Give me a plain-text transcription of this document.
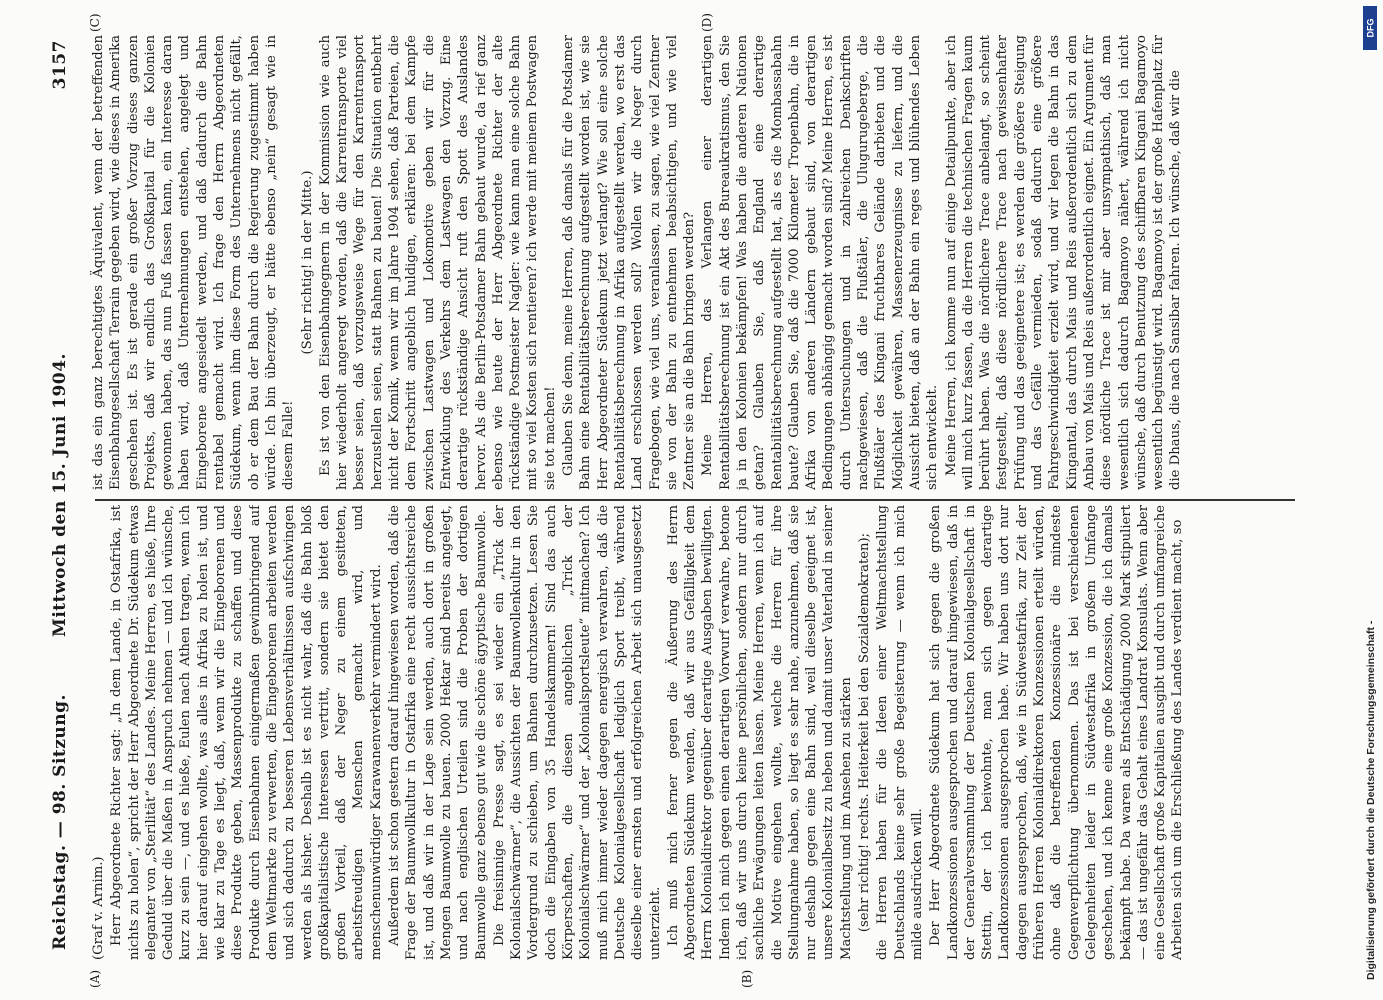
Reichstag. — 98. Sitzung.
Mittwoch den 15. Juni 1904.
3157
(A)	(B)
(C)	(D)

(Graf v. Arnim.) Herr Abgeordnete Richter sagt: „In dem Lande, in Ostafrika, ist nichts zu holen“, spricht der Herr Abgeordnete Dr. Südekum etwas eleganter von „Sterilität“ des Landes. Meine Herren, es hieße, Ihre Geduld über die Maßen in Anspruch nehmen — und ich wünsche, kurz zu sein —, und es hieße, Eulen nach Athen tragen, wenn ich hier darauf eingehen wollte, was alles in Afrika zu holen ist, und wie klar zu Tage es liegt, daß, wenn wir die Eingeborenen und diese Produkte geben, Massenprodukte zu schaffen und diese Produkte durch Eisenbahnen einigermaßen gewinnbringend auf dem Weltmarkte zu verwerten, die Eingeborenen arbeiten werden und sich dadurch zu besseren Lebensverhältnissen aufschwingen werden als bisher. Deshalb ist es nicht wahr, daß die Bahn bloß großkapitalistische Interessen vertritt, sondern sie bietet den großen Vorteil, daß der Neger zu einem gesitteten, arbeitsfreudigen Menschen gemacht wird, und menschenunwürdiger Karawanenverkehr vermindert wird. Außerdem ist schon gestern darauf hingewiesen worden, daß die Frage der Baumwollkultur in Ostafrika eine recht aussichtsreiche ist, und daß wir in der Lage sein werden, auch dort in großen Mengen Baumwolle zu bauen. 2000 Hektar sind bereits angelegt, und nach englischen Urteilen sind die Proben der dortigen Baumwolle ganz ebenso gut wie die schöne ägyptische Baumwolle. Die freisinnige Presse sagt, es sei wieder ein „Trick der Kolonialschwärmer“, die Aussichten der Baumwollenkultur in den Vordergrund zu schieben, um Bahnen durchzusetzen. Lesen Sie doch die Eingaben von 35 Handelskammern! Sind das auch Körperschaften, die diesen angeblichen „Trick der Kolonialschwärmer“ und der „Kolonialsportsleute“ mitmachen? Ich muß mich immer wieder dagegen energisch verwahren, daß die Deutsche Kolonialgesellschaft lediglich Sport treibt, während dieselbe einer ernsten und erfolgreichen Arbeit sich unausgesetzt unterzieht. Ich muß mich ferner gegen die Äußerung des Herrn Abgeordneten Südekum wenden, daß wir aus Gefälligkeit dem Herrn Kolonialdirektor gegenüber derartige Ausgaben bewilligten. Indem ich mich gegen einen derartigen Vorwurf verwahre, betone ich, daß wir uns durch keine persönlichen, sondern nur durch sachliche Erwägungen leiten lassen. Meine Herren, wenn ich auf die Motive eingehen wollte, welche die Herren für ihre Stellungnahme haben, so liegt es sehr nahe, anzunehmen, daß sie nur deshalb gegen eine Bahn sind, weil dieselbe geeignet ist, unsere Kolonialbesitz zu heben und damit unser Vaterland in seiner Machtstellung und im Ansehen zu stärken (sehr richtig! rechts. Heiterkeit bei den Sozialdemokraten); die Herren haben für die Ideen einer Weltmachtstellung Deutschlands keine sehr große Begeisterung — wenn ich mich milde ausdrücken will. Der Herr Abgeordnete Südekum hat sich gegen die großen Landkonzessionen ausgesprochen und darauf hingewiesen, daß in der Generalversammlung der Deutschen Kolonialgesellschaft in Stettin, der ich beiwohnte, man sich gegen derartige Landkonzessionen ausgesprochen habe. Wir haben uns dort nur dagegen ausgesprochen, daß, wie in Südwestafrika, zur Zeit der früheren Herren Kolonialdirektoren Konzessionen erteilt würden, ohne daß die betreffenden Konzessionäre die mindeste Gegenverpflichtung übernommen. Das ist bei verschiedenen Gelegenheiten leider in Südwestafrika in großem Umfange geschehen, und ich kenne eine große Konzession, die ich damals bekämpft habe. Da waren als Entschädigung 2000 Mark stipuliert — das ist ungefähr das Gehalt eines Landrat Konsulats. Wenn aber eine Gesellschaft große Kapitalien ausgibt und durch umfangreiche Arbeiten sich um die Erschließung des Landes verdient macht, so

ist das ein ganz berechtigtes Äquivalent, wenn der betreffenden Eisenbahngesellschaft Terrain gegeben wird, wie dieses in Amerika geschehen ist. Es ist gerade ein großer Vorzug dieses ganzen Projekts, daß wir endlich das Großkapital für die Kolonien gewonnen haben, das nun Fuß fassen kann, ein Interesse daran haben wird, daß Unternehmungen entstehen, angelegt und Eingeborene angesiedelt werden, und daß dadurch die Bahn rentabel gemacht wird. Ich frage den Herrn Abgeordneten Südekum, wenn ihm diese Form des Unternehmens nicht gefällt, ob er dem Bau der Bahn durch die Regierung zugestimmt haben würde. Ich bin überzeugt, er hätte ebenso „nein“ gesagt wie in diesem Falle!

(Sehr richtig! in der Mitte.) Es ist von den Eisenbahngegnern in der Kommission wie auch hier wiederholt angeregt worden, daß die Karrentransporte viel besser seien, daß vorzugsweise Wege für den Karrentransport herzustellen seien, statt Bahnen zu bauen! Die Situation entbehrt nicht der Komik, wenn wir im Jahre 1904 sehen, daß Parteien, die dem Fortschritt angeblich huldigen, erklären: bei dem Kampfe zwischen Lastwagen und Lokomotive geben wir für die Entwicklung des Verkehrs dem Lastwagen den Vorzug. Eine derartige rückständige Ansicht ruft den Spott des Auslandes hervor. Als die Berlin-Potsdamer Bahn gebaut wurde, da rief ganz ebenso wie heute der Herr Abgeordnete Richter der alte rückständige Postmeister Nagler: wie kann man eine solche Bahn mit so viel Kosten sich rentieren? ich werde mit meinem Postwagen sie tot machen! Glauben Sie denn, meine Herren, daß damals für die Potsdamer Bahn eine Rentabilitätsberechnung aufgestellt worden ist, wie sie Herr Abgeordneter Südekum jetzt verlangt? Wie soll eine solche Rentabilitätsberechnung in Afrika aufgestellt werden, wo erst das Land erschlossen werden soll? Wollen wir die Neger durch Fragebogen, wie viel uns, veranlassen, zu sagen, wie viel Zentner sie von der Bahn zu entnehmen beabsichtigen, und wie viel Zentner sie an die Bahn bringen werden? Meine Herren, das Verlangen einer derartigen Rentabilitätsberechnung ist ein Akt des Bureaukratismus, den Sie ja in den Kolonien bekämpfen! Was haben die anderen Nationen getan? Glauben Sie, daß England eine derartige Rentabilitätsberechnung aufgestellt hat, als es die Mombassabahn baute? Glauben Sie, daß die 7000 Kilometer Tropenbahn, die in Afrika von anderen Ländern gebaut sind, von derartigen Bedingungen abhängig gemacht worden sind? Meine Herren, es ist durch Untersuchungen und in zahlreichen Denkschriften nachgewiesen, daß die Flußtäler, die Ulugurugeberge, die Flußtäler des Kingani fruchtbares Gelände darbieten und die Möglichkeit gewähren, Massenerzeugnisse zu liefern, und die Aussicht bieten, daß an der Bahn ein reges und blühendes Leben sich entwickelt. Meine Herren, ich komme nun auf einige Detailpunkte, aber ich will mich kurz fassen, da die Herren die technischen Fragen kaum berührt haben. Was die nördlichere Trace anbelangt, so scheint festgestellt, daß diese nördlichere Trace nach gewissenhafter Prüfung und das geeignetere ist; es werden die größere Steigung und das Gefälle vermieden, sodaß dadurch eine größere Fahrgeschwindigkeit erzielt wird, und wir legen die Bahn in das Kingantal, das durch Mais und Reis außerordentlich sich zu dem Anbau von Mais und Reis außerordentlich eignet. Ein Argument für diese nördliche Trace ist mir aber unsympathisch, daß man wesentlich sich dadurch Bagamoyo nähert, während ich nicht wünsche, daß durch Benutzung des schiffbaren Kingani Bagamoyo wesentlich begünstigt wird. Bagamoyo ist der große Hafenplatz für die Dhaus, die nach Sansibar fahren. Ich wünsche, daß wir die

DFG
Digitalisierung gefördert durch die Deutsche Forschungsgemeinschaft -
